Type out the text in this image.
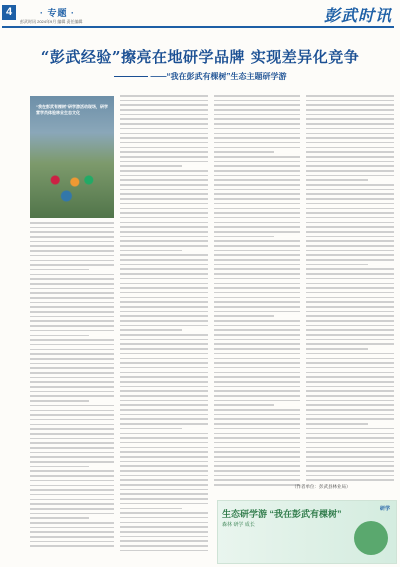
4	· 专题 ·
彭武时讯 2024年9月 编辑 责任编辑	彭武时讯
“彭武经验”擦亮在地研学品牌 实现差异化竞争
——“我在彭武有棵树”生态主题研学游
“我在彭武有棵树”研学游活动现场，研学营学员体验林业生态文化
（作者单位：彭武县林业局）
生态研学游 “我在彭武有棵树”
森林 研学 成长
研学
